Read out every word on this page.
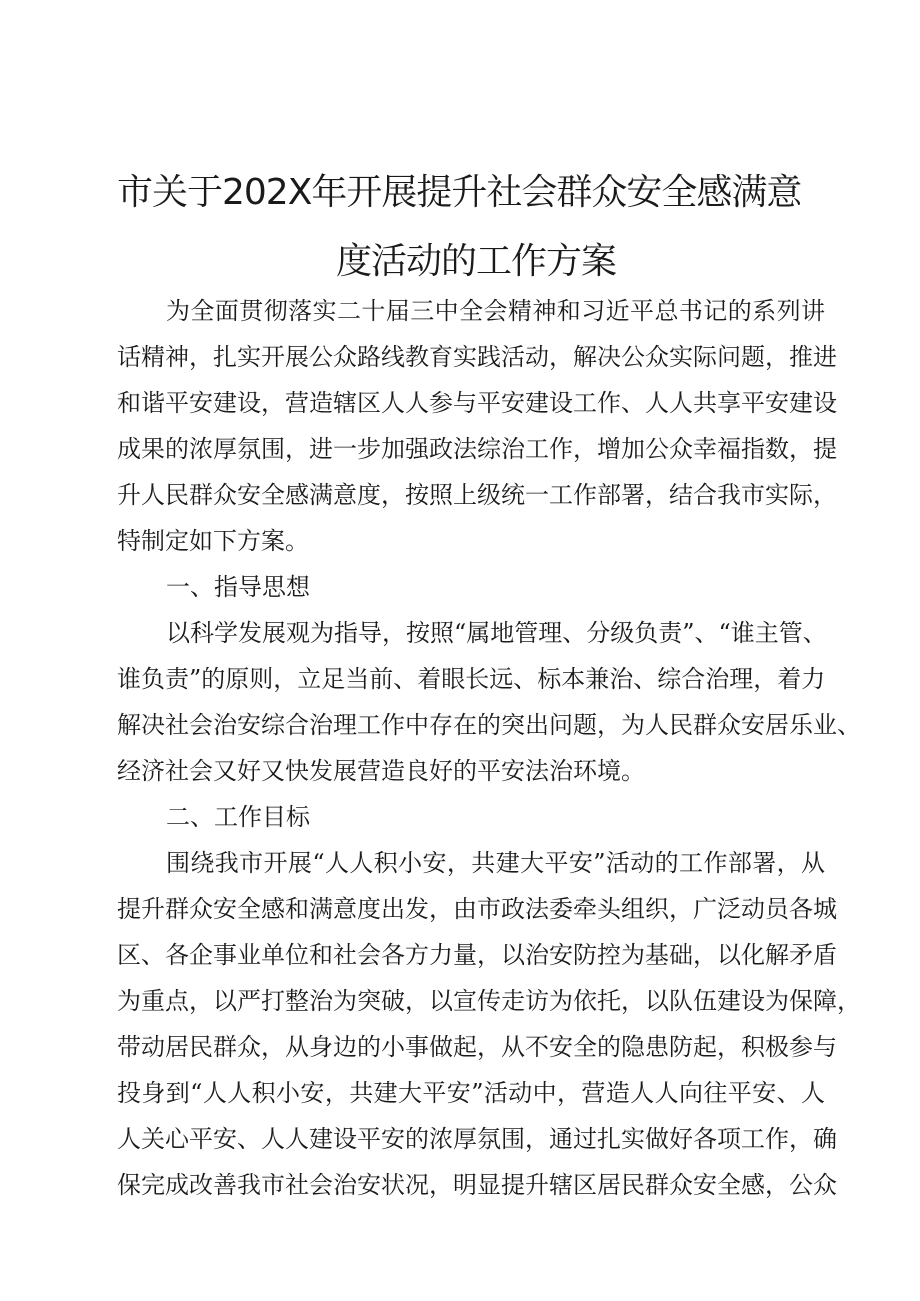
市关于202X年开展提升社会群众安全感满意
度活动的工作方案
为全面贯彻落实二十届三中全会精神和习近平总书记的系列讲
话精神，扎实开展公众路线教育实践活动，解决公众实际问题，推进
和谐平安建设，营造辖区人人参与平安建设工作、人人共享平安建设
成果的浓厚氛围，进一步加强政法综治工作，增加公众幸福指数，提
升人民群众安全感满意度，按照上级统一工作部署，结合我市实际，
特制定如下方案。
一、指导思想
以科学发展观为指导，按照“属地管理、分级负责”、“谁主管、
谁负责”的原则，立足当前、着眼长远、标本兼治、综合治理，着力
解决社会治安综合治理工作中存在的突出问题，为人民群众安居乐业、
经济社会又好又快发展营造良好的平安法治环境。
二、工作目标
围绕我市开展“人人积小安，共建大平安”活动的工作部署，从
提升群众安全感和满意度出发，由市政法委牵头组织，广泛动员各城
区、各企事业单位和社会各方力量，以治安防控为基础，以化解矛盾
为重点，以严打整治为突破，以宣传走访为依托，以队伍建设为保障，
带动居民群众，从身边的小事做起，从不安全的隐患防起，积极参与
投身到“人人积小安，共建大平安”活动中，营造人人向往平安、人
人关心平安、人人建设平安的浓厚氛围，通过扎实做好各项工作，确
保完成改善我市社会治安状况，明显提升辖区居民群众安全感，公众
